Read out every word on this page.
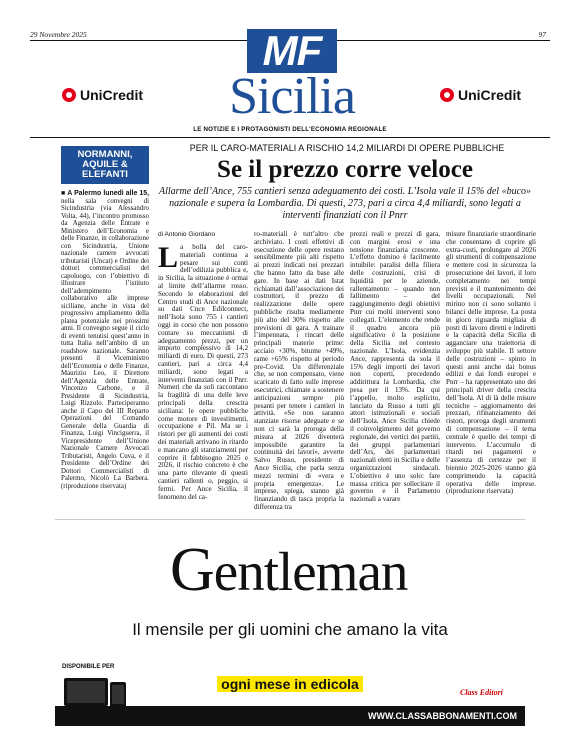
29 Novembre 2025	97
MF
Sicilia
LE NOTIZIE E I PROTAGONISTI DELL'ECONOMIA REGIONALE
UniCredit	UniCredit
NORMANNI, AQUILE & ELEFANTI
■ A Palermo lunedì alle 15, nella sala convegni di Sicindustria (via Alessandro Volta, 44), l’incontro promosso da Agenzia delle Entrate e Ministero dell’Economia e delle Finanze, in collaborazione con Sicindustria, Unione nazionale camere avvocati tributaristi (Uncat) e Ordine dei dottori commercialisti del capoluogo, con l’obiettivo di illustrare l’istituto dell’adempimento collaborativo alle imprese siciliane, anche in vista del progressivo ampliamento della platea potenziale nei prossimi anni. Il convegno segue il ciclo di eventi tenutisi quest’anno in tutta Italia nell’ambito di un roadshow nazionale. Saranno presenti il Viceministro dell’Economia e delle Finanze, Maurizio Leo, il Direttore dell’Agenzia delle Entrate, Vincenzo Carbone, e il Presidente di Sicindustria, Luigi Rizzolo. Parteciperanno anche il Capo del III Reparto Operazioni del Comando Generale della Guardia di Finanza, Luigi Vinciguerra, il Vicepresidente dell’Unione Nazionale Camere Avvocati Tributaristi, Angelo Cuva, e il Presidente dell’Ordine dei Dottori Commercialisti di Palermo, Nicolò La Barbera. (riproduzione riservata)
PER IL CARO-MATERIALI A RISCHIO 14,2 MILIARDI DI OPERE PUBBLICHE
Se il prezzo corre veloce
Allarme dell’Ance, 755 cantieri senza adeguamento dei costi. L’Isola vale il 15% del «buco» nazionale e supera la Lombardia. Di questi, 273, pari a circa 4,4 miliardi, sono legati a interventi finanziati con il Pnrr
di Antonio Giordano
L a bolla del caro-materiali continua a pesare sui conti dell’edilizia pubblica e, in Sicilia, la situazione è ormai al limite dell’allarme rosso. Secondo le elaborazioni del Centro studi di Ance nazionale su dati Cnce Edilconnect, nell’Isola sono 755 i cantieri oggi in corso che non possono contare su meccanismi di adeguamento prezzi, per un importo complessivo di 14,2 miliardi di euro. Di questi, 273 cantieri, pari a circa 4,4 miliardi, sono legati a interventi finanziati con il Pnrr. Numeri che da soli raccontano la fragilità di una delle leve principali della crescita siciliana: le opere pubbliche come motore di investimenti, occupazione e Pil. Ma se i ristori per gli aumenti dei costi dei materiali arrivano in ritardo e mancano gli stanziamenti per coprire il fabbisogno 2025 e 2026, il rischio concreto è che una parte rilevante di questi cantieri rallenti o, peggio, si fermi. Per Ance Sicilia, il fenomeno del ca-
ro-materiali è tutt’altro che archiviato. I costi effettivi di esecuzione delle opere restano sensibilmente più alti rispetto ai prezzi indicati nei prezzari che hanno fatto da base alle gare. In base ai dati Istat richiamati dall’associazione dei costruttori, il prezzo di realizzazione delle opere pubbliche risulta mediamente più alto del 30% rispetto alle previsioni di gara. A trainare l’impennata, i rincari delle principali materie prime: acciaio +30%, bitume +49%, rame +65% rispetto al periodo pre-Covid. Un differenziale che, se non compensato, viene scaricato di fatto sulle imprese esecutrici, chiamate a sostenere anticipazioni sempre più pesanti per tenere i cantieri in attività. «Se non saranno stanziate risorse adeguate e se non ci sarà la proroga della misura al 2026 diventerà impossibile garantire la continuità dei lavori», avverte Salvo Russo, presidente di Ance Sicilia, che parla senza mezzi termini di «vera e propria emergenza». Le imprese, spiega, stanno già finanziando di tasca propria la differenza tra
prezzi reali e prezzi di gara, con margini erosi e una tensione finanziaria crescente. L’effetto domino è facilmente intuibile: paralisi della filiera delle costruzioni, crisi di liquidità per le aziende, rallentamento – quando non fallimento – del raggiungimento degli obiettivi Pnrr cui molti interventi sono collegati. L’elemento che rende il quadro ancora più significativo è la posizione della Sicilia nel contesto nazionale. L’Isola, evidenzia Ance, rappresenta da sola il 15% degli importi dei lavori non coperti, precedendo addirittura la Lombardia, che pesa per il 13%. Da qui l’appello, molto esplicito, lanciato da Russo a tutti gli attori istituzionali e sociali dell’Isola. Ance Sicilia chiede il coinvolgimento del governo regionale, dei vertici dei partiti, dei gruppi parlamentari dell’Ars, dei parlamentari nazionali eletti in Sicilia e delle organizzazioni sindacali. L’obiettivo è uno solo: fare massa critica per sollecitare il governo e il Parlamento nazionali a varare
misure finanziarie straordinarie che consentano di coprire gli extra-costi, prolungare al 2026 gli strumenti di compensazione e mettere così in sicurezza la prosecuzione dei lavori, il loro completamento nei tempi previsti e il mantenimento dei livelli occupazionali. Nel mirino non ci sono soltanto i bilanci delle imprese. La posta in gioco riguarda migliaia di posti di lavoro diretti e indiretti e la capacità della Sicilia di agganciare una traiettoria di sviluppo più stabile. Il settore delle costruzioni – spinto in questi anni anche dai bonus edilizi e dai fondi europei e Pnrr – ha rappresentato uno dei principali driver della crescita dell’Isola. Al di là delle misure tecniche – aggiornamento dei prezzari, rifinanziamento dei ristori, proroga degli strumenti di compensazione – il tema centrale è quello dei tempi di intervento. L’accumulo di ritardi nei pagamenti e l’assenza di certezze per il biennio 2025-2026 stanno già comprimendo la capacità operativa delle imprese. (riproduzione riservata)
Gentleman
Il mensile per gli uomini che amano la vita
DISPONIBILE PER
ogni mese in edicola
Class Editori
WWW.CLASSABBONAMENTI.COM
